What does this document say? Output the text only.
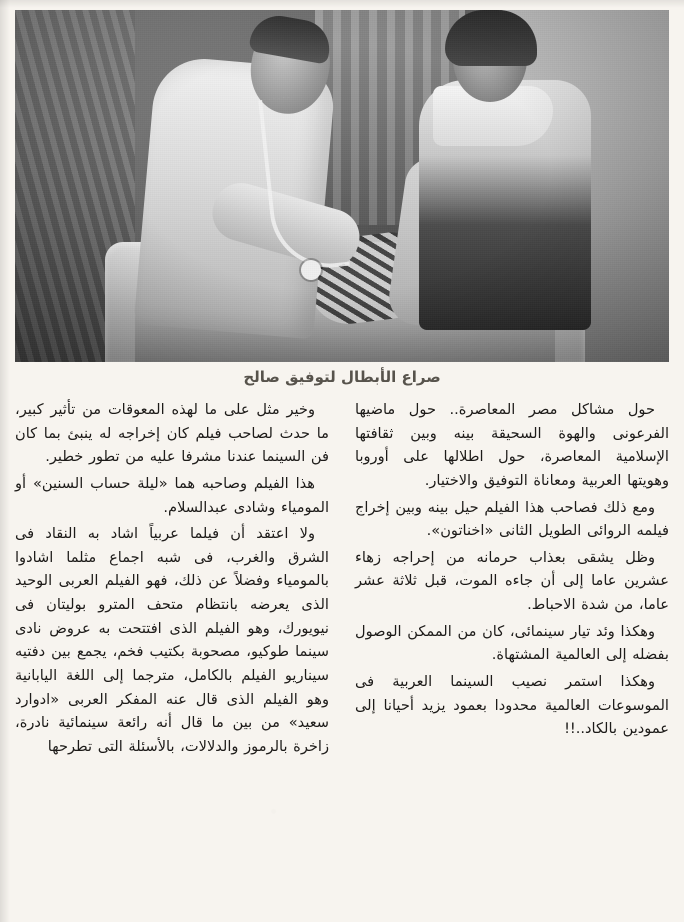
صراع الأبطال لتوفيق صالح

حول مشاكل مصر المعاصرة.. حول ماضيها الفرعونى والهوة السحيقة بينه وبين ثقافتها الإسلامية المعاصرة، حول اطلالها على أوروبا وهويتها العربية ومعاناة التوفيق والاختيار.

ومع ذلك فصاحب هذا الفيلم حيل بينه وبين إخراج فيلمه الروائى الطويل الثانى «اخناتون».

وظل يشقى بعذاب حرمانه من إحراجه زهاء عشرين عاما إلى أن جاءه الموت، قبل ثلاثة عشر عاما، من شدة الاحباط.

وهكذا وئد تيار سينمائى، كان من الممكن الوصول بفضله إلى العالمية المشتهاة.

وهكذا استمر نصيب السينما العربية فى الموسوعات العالمية محدودا بعمود يزيد أحيانا إلى عمودين بالكاد..!!

وخير مثل على ما لهذه المعوقات من تأثير كبير، ما حدث لصاحب فيلم كان إخراجه له ينبئ بما كان فن السينما عندنا مشرفا عليه من تطور خطير.

هذا الفيلم وصاحبه هما «ليلة حساب السنين» أو المومياء وشادى عبدالسلام.

ولا اعتقد أن فيلما عربياً اشاد به النقاد فى الشرق والغرب، فى شبه اجماع مثلما اشادوا بالمومياء وفضلاً عن ذلك، فهو الفيلم العربى الوحيد الذى يعرضه بانتظام متحف المترو بوليتان فى نيويورك، وهو الفيلم الذى افتتحت به عروض نادى سينما طوكيو، مصحوبة بكتيب فخم، يجمع بين دفتيه سيناريو الفيلم بالكامل، مترجما إلى اللغة اليابانية وهو الفيلم الذى قال عنه المفكر العربى «ادوارد سعيد» من بين ما قال أنه رائعة سينمائية نادرة، زاخرة بالرموز والدلالات، بالأسئلة التى تطرحها
